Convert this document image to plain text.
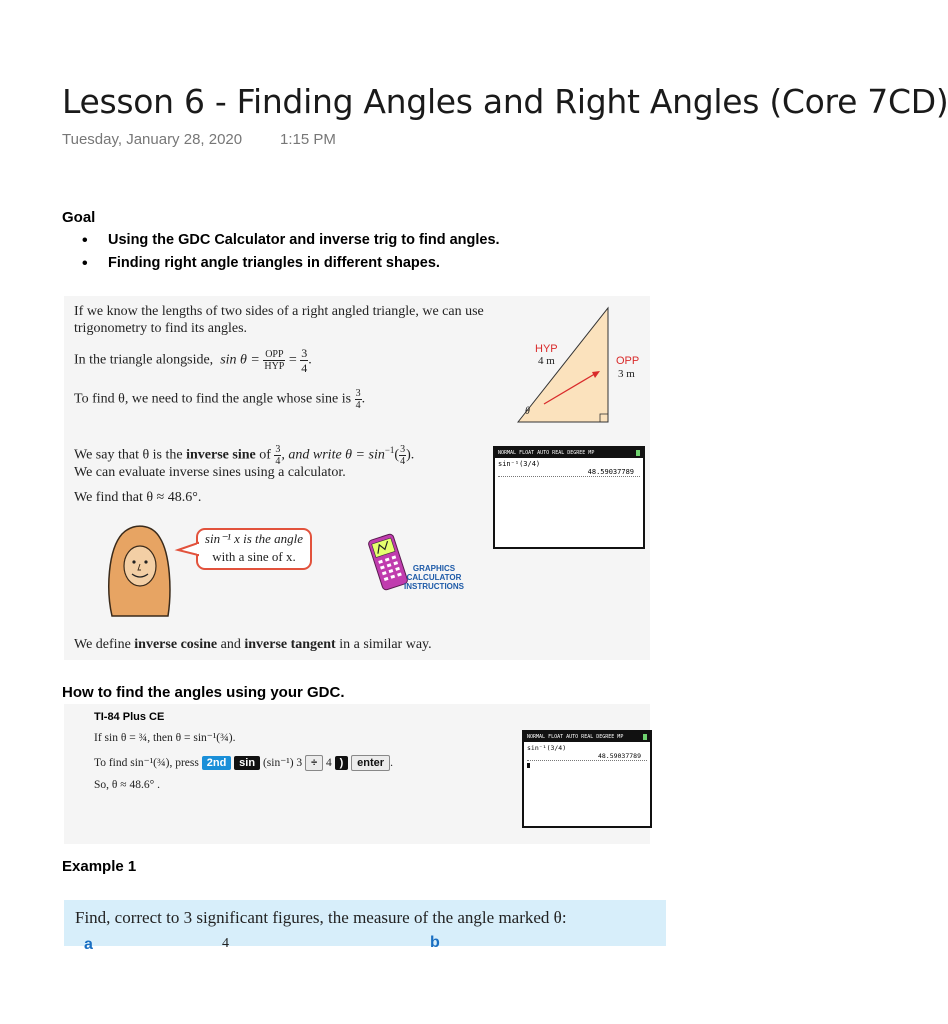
Lesson 6 - Finding Angles and Right Angles (Core 7CD)
Tuesday, January 28, 2020	1:15 PM
Goal
• Using the GDC Calculator and inverse trig to find angles.
• Finding right angle triangles in different shapes.
If we know the lengths of two sides of a right angled triangle, we can use
trigonometry to find its angles.
In the triangle alongside, $\sin \theta = \frac{\text{OPP}}{\text{HYP}} = \frac{3}{4}$ .
To find θ, we need to find the angle whose sine is $\frac{3}{4}$ .
HYP
4 m	OPP
3 m
θ
We say that θ is the inverse sine of $\frac{3}{4}$ , and write $\theta = \sin^{-1}( \frac{3}{4}$ ).
We can evaluate inverse sines using a calculator.
We find that θ ≈ 48.6°.
NORMAL FLOAT AUTO REAL DEGREE MP
sin⁻¹(3/4)
48.59037789
sin⁻¹ x is the angle
with a sine of x.
GRAPHICS
CALCULATOR
INSTRUCTIONS
We define inverse cosine and inverse tangent in a similar way.
How to find the angles using your GDC.
TI-84 Plus CE
If sin θ = ¾, then θ = sin⁻¹(¾).
To find sin⁻¹(¾), press 2nd sin (sin⁻¹) 3 ÷ 4 ) enter .
So, θ ≈ 48.6° .
NORMAL FLOAT AUTO REAL DEGREE MP
sin⁻¹(3/4)
48.59037789
Example 1
Find, correct to 3 significant figures, the measure of the angle marked θ:
a	4	b
